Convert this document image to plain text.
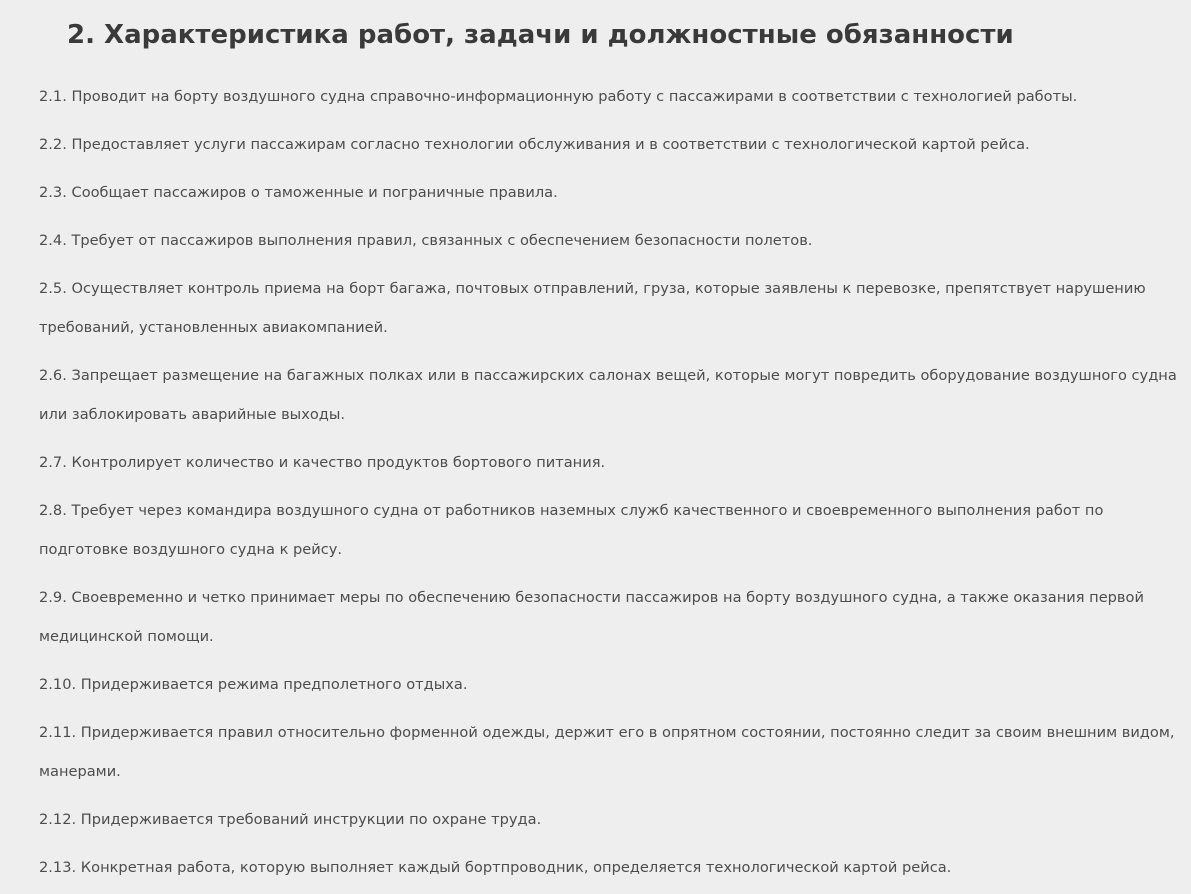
2. Характеристика работ, задачи и должностные обязанности
2.1. Проводит на борту воздушного судна справочно-информационную работу с пассажирами в соответствии с технологией работы.
2.2. Предоставляет услуги пассажирам согласно технологии обслуживания и в соответствии с технологической картой рейса.
2.3. Сообщает пассажиров о таможенные и пограничные правила.
2.4. Требует от пассажиров выполнения правил, связанных с обеспечением безопасности полетов.
2.5. Осуществляет контроль приема на борт багажа, почтовых отправлений, груза, которые заявлены к перевозке, препятствует нарушению требований, установленных авиакомпанией.
2.6. Запрещает размещение на багажных полках или в пассажирских салонах вещей, которые могут повредить оборудование воздушного судна или заблокировать аварийные выходы.
2.7. Контролирует количество и качество продуктов бортового питания.
2.8. Требует через командира воздушного судна от работников наземных служб качественного и своевременного выполнения работ по подготовке воздушного судна к рейсу.
2.9. Своевременно и четко принимает меры по обеспечению безопасности пассажиров на борту воздушного судна, а также оказания первой медицинской помощи.
2.10. Придерживается режима предполетного отдыха.
2.11. Придерживается правил относительно форменной одежды, держит его в опрятном состоянии, постоянно следит за своим внешним видом, манерами.
2.12. Придерживается требований инструкции по охране труда.
2.13. Конкретная работа, которую выполняет каждый бортпроводник, определяется технологической картой рейса.
